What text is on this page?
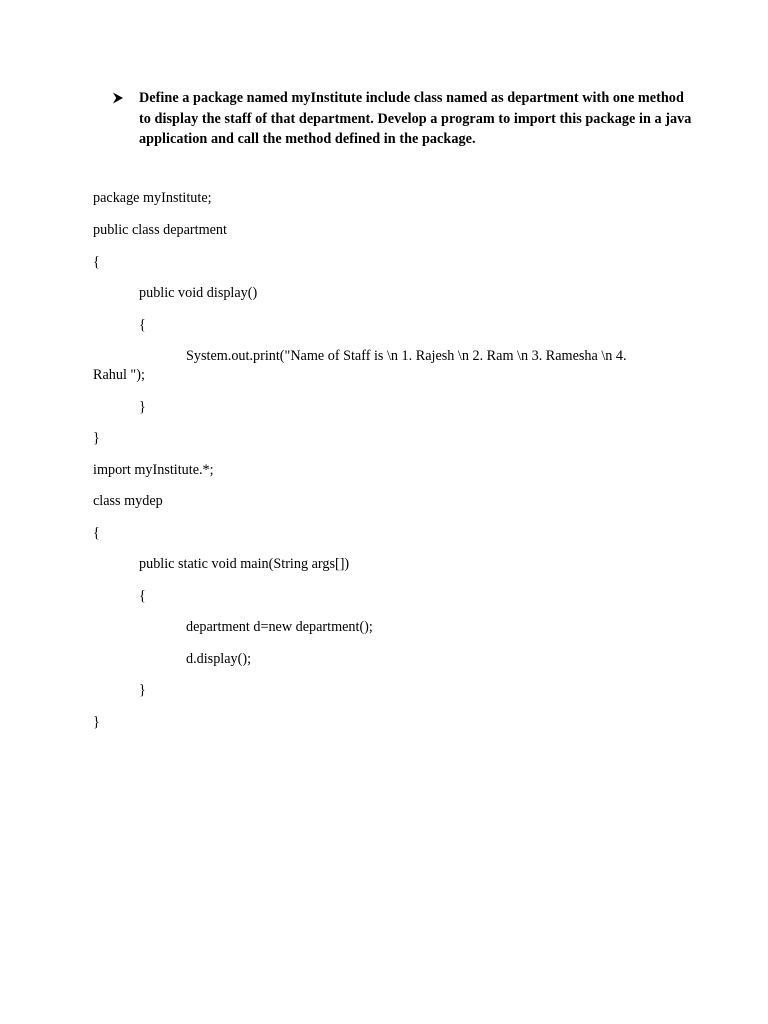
Define a package named myInstitute include class named as department with one method to display the staff of that department. Develop a program to import this package in a java application and call the method defined in the package.
package myInstitute;
public class department
{
public void display()
{
System.out.print("Name of Staff is \n 1. Rajesh \n 2. Ram \n 3. Ramesha \n 4.
Rahul ");
}
}
import myInstitute.*;
class mydep
{
public static void main(String args[])
{
department d=new department();
d.display();
}
}
